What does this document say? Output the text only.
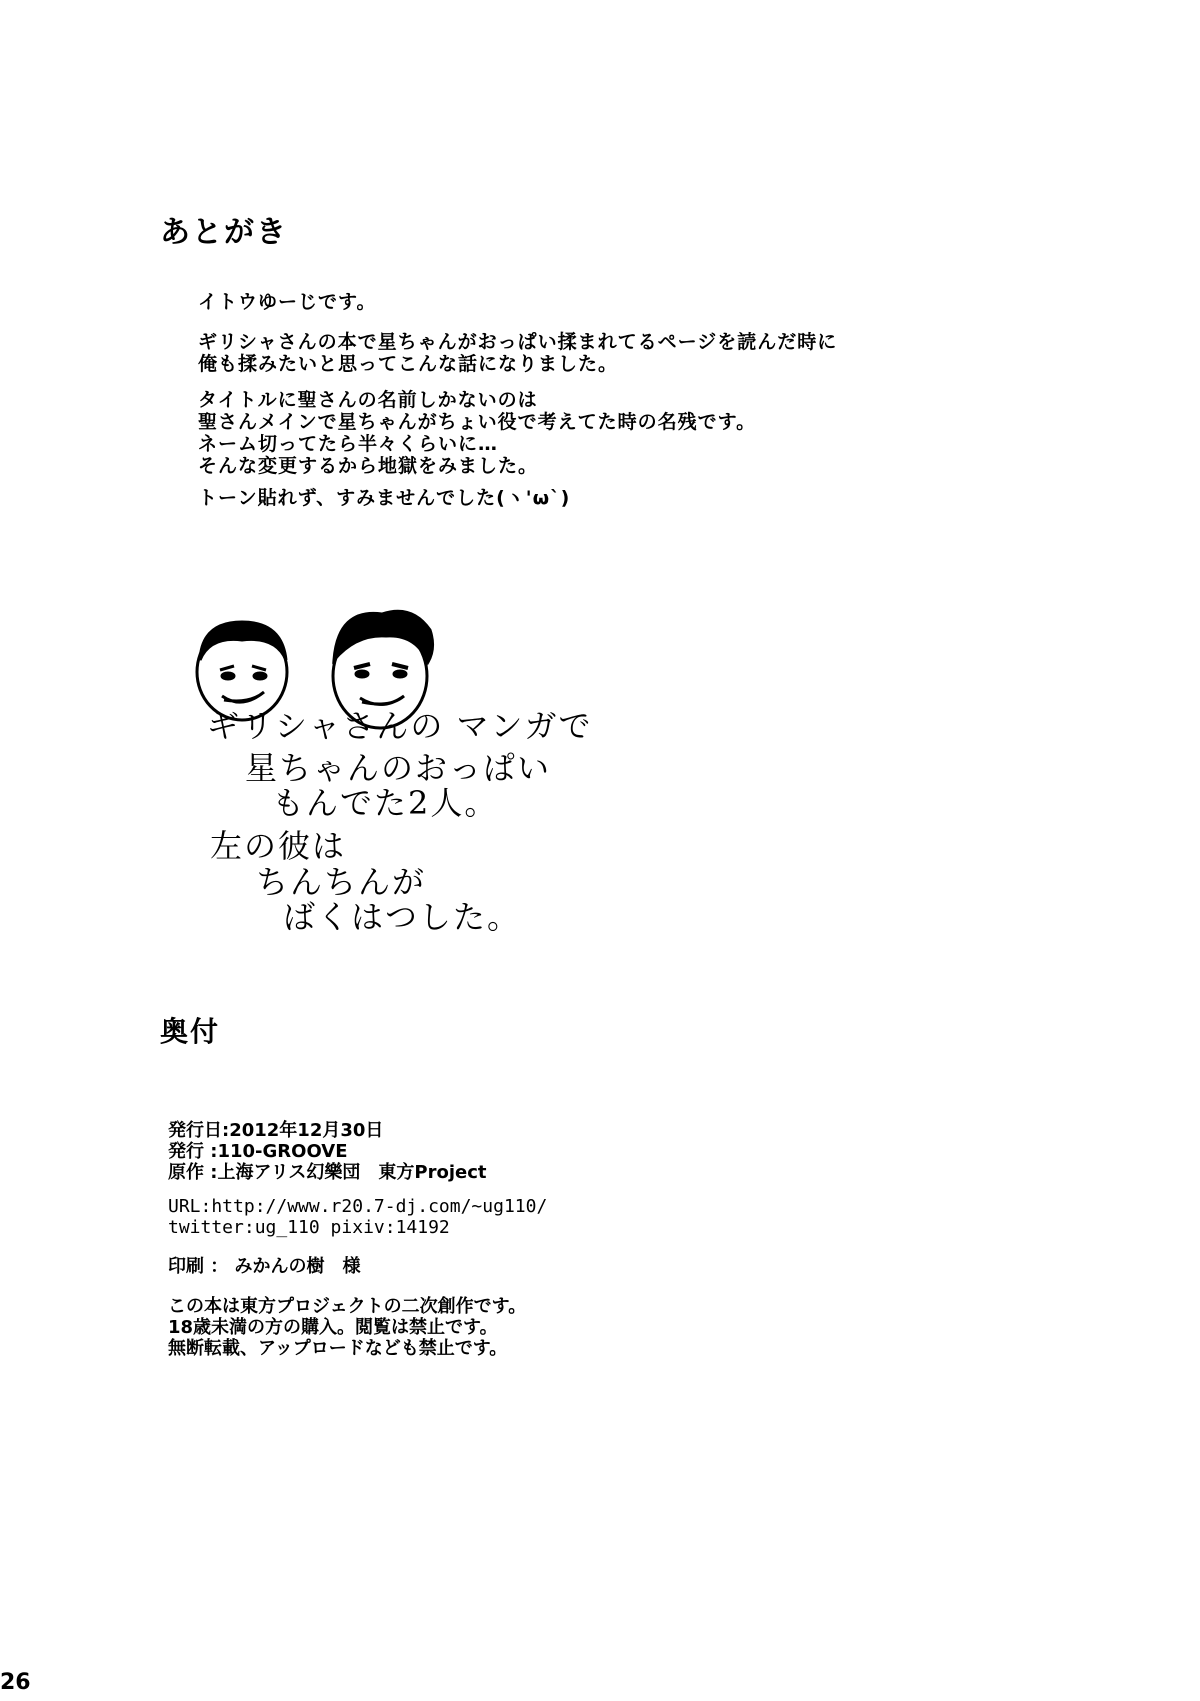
あとがき
イトウゆーじです。
ギリシャさんの本で星ちゃんがおっぱい揉まれてるページを読んだ時に
俺も揉みたいと思ってこんな話になりました。
タイトルに聖さんの名前しかないのは
聖さんメインで星ちゃんがちょい役で考えてた時の名残です。
ネーム切ってたら半々くらいに…
そんな変更するから地獄をみました。
トーン貼れず、すみませんでした(ヽ'ω`)
ギリシャさんの マンガで
星ちゃんのおっぱい
もんでた2人。
左の彼は
ちんちんが
ばくはつした。
奥付
発行日:2012年12月30日
発行 :110-GROOVE
原作 :上海アリス幻樂団　東方Project
URL:http://www.r20.7-dj.com/~ug110/
twitter:ug_110 pixiv:14192
印刷 ： みかんの樹　様
この本は東方プロジェクトの二次創作です。
18歳未満の方の購入。閲覧は禁止です。
無断転載、アップロードなども禁止です。
26
